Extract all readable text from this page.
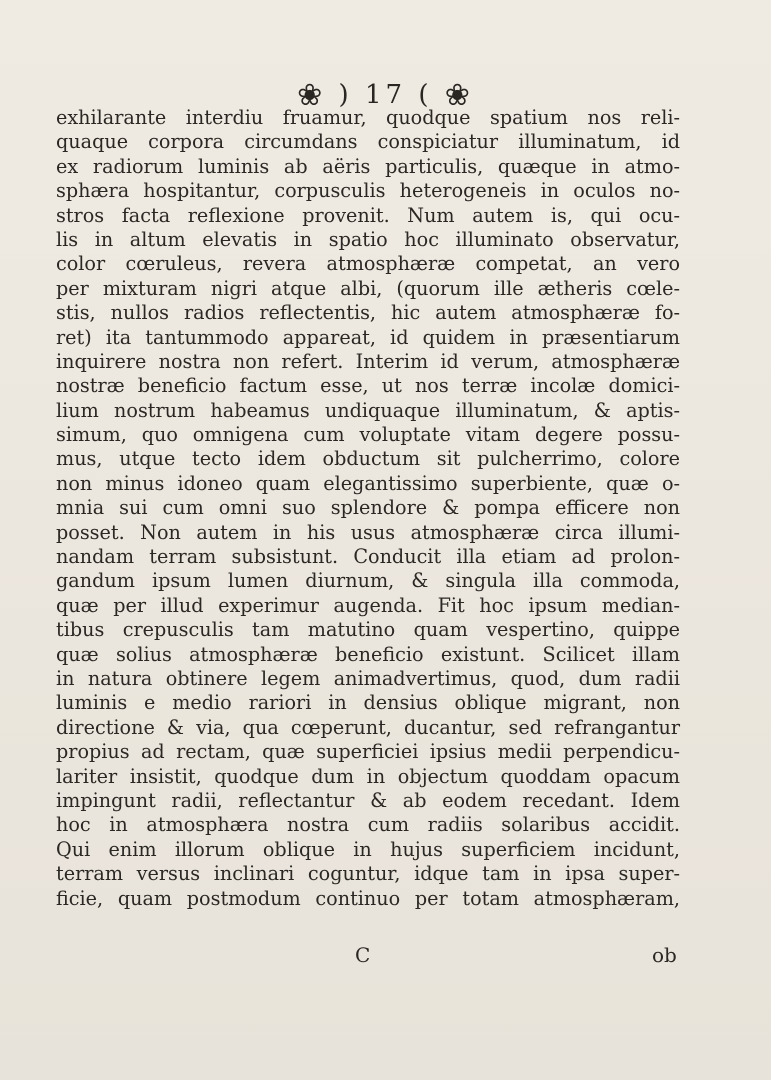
❀ ) 17 ( ❀
exhilarante interdiu fruamur, quodque spatium nos reli-
quaque corpora circumdans conspiciatur illuminatum, id
ex radiorum luminis ab aëris particulis, quæque in atmo-
sphæra hospitantur, corpusculis heterogeneis in oculos no-
stros facta reflexione provenit. Num autem is, qui ocu-
lis in altum elevatis in spatio hoc illuminato observatur,
color cœruleus, revera atmosphæræ competat, an vero
per mixturam nigri atque albi, (quorum ille ætheris cœle-
stis, nullos radios reflectentis, hic autem atmosphæræ fo-
ret) ita tantummodo appareat, id quidem in præsentiarum
inquirere nostra non refert. Interim id verum, atmosphæræ
nostræ beneficio factum esse, ut nos terræ incolæ domici-
lium nostrum habeamus undiquaque illuminatum, & aptis-
simum, quo omnigena cum voluptate vitam degere possu-
mus, utque tecto idem obductum sit pulcherrimo, colore
non minus idoneo quam elegantissimo superbiente, quæ o-
mnia sui cum omni suo splendore & pompa efficere non
posset. Non autem in his usus atmosphæræ circa illumi-
nandam terram subsistunt. Conducit illa etiam ad prolon-
gandum ipsum lumen diurnum, & singula illa commoda,
quæ per illud experimur augenda. Fit hoc ipsum median-
tibus crepusculis tam matutino quam vespertino, quippe
quæ solius atmosphæræ beneficio existunt. Scilicet illam
in natura obtinere legem animadvertimus, quod, dum radii
luminis e medio rariori in densius oblique migrant, non
directione & via, qua cœperunt, ducantur, sed refrangantur
propius ad rectam, quæ superficiei ipsius medii perpendicu-
lariter insistit, quodque dum in objectum quoddam opacum
impingunt radii, reflectantur & ab eodem recedant. Idem
hoc in atmosphæra nostra cum radiis solaribus accidit.
Qui enim illorum oblique in hujus superficiem incidunt,
terram versus inclinari coguntur, idque tam in ipsa super-
ficie, quam postmodum continuo per totam atmosphæram,
C	ob
